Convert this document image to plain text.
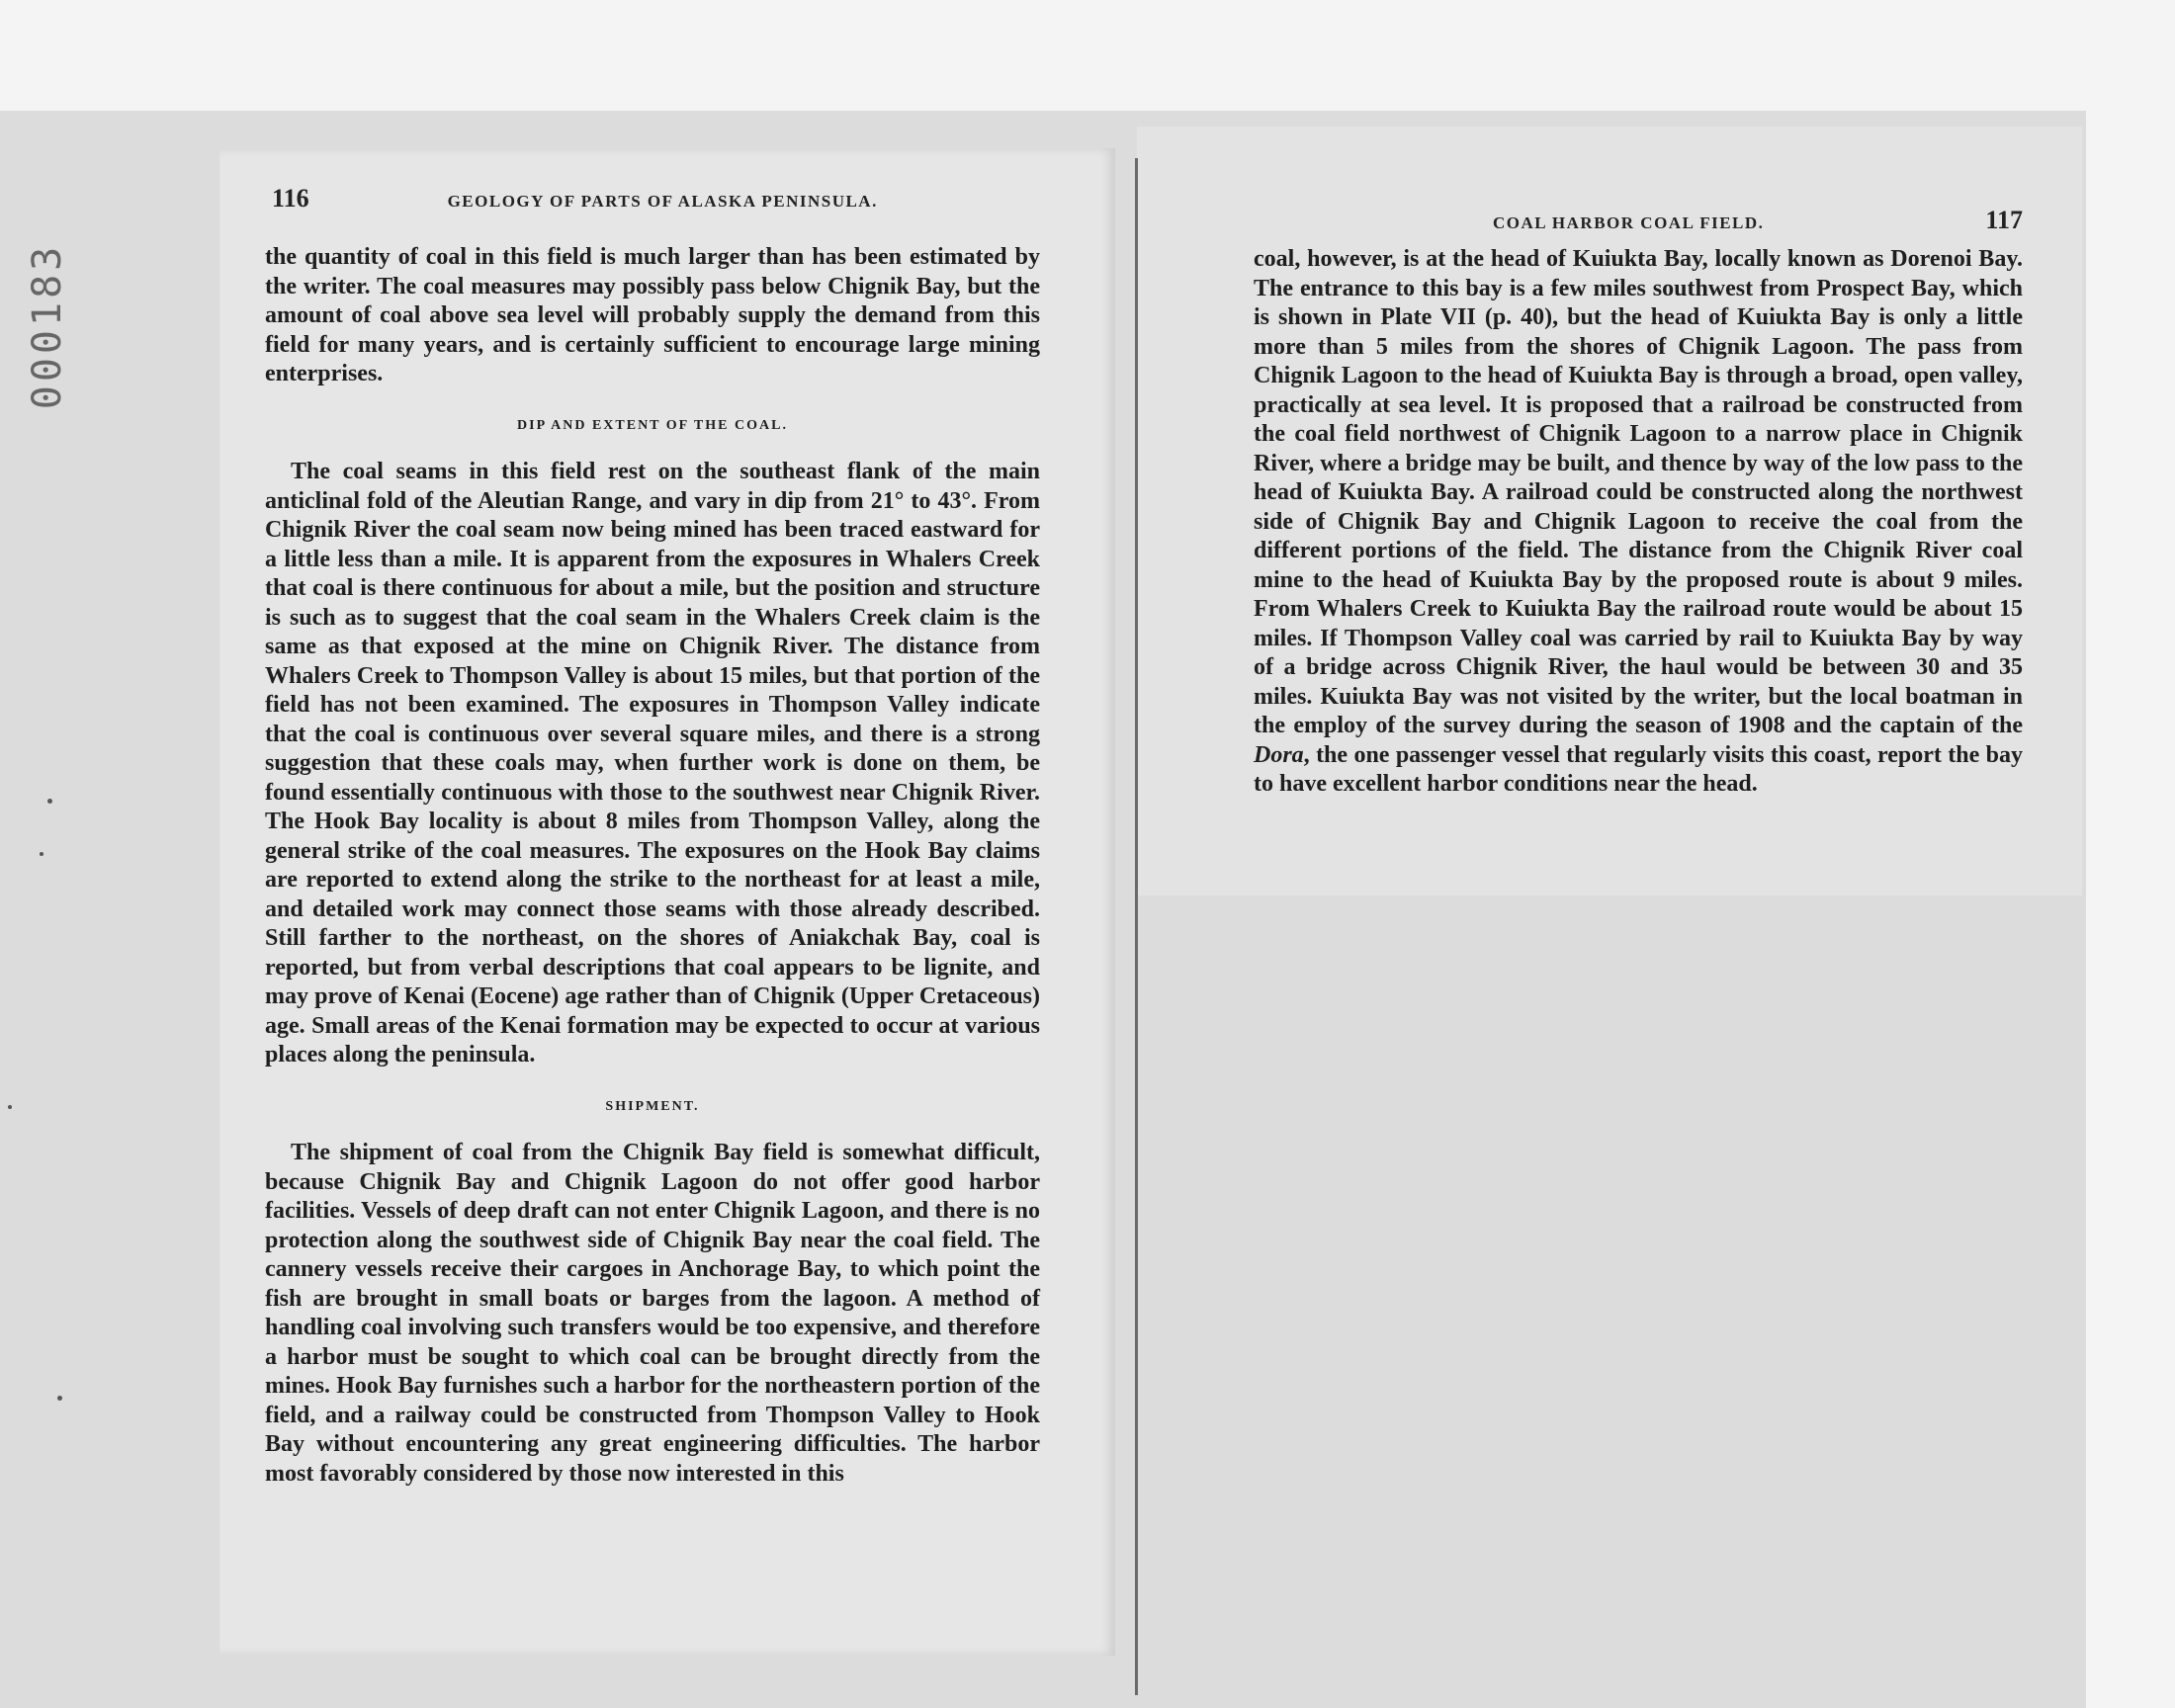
000183
116	GEOLOGY OF PARTS OF ALASKA PENINSULA.

the quantity of coal in this field is much larger than has been estimated by the writer. The coal measures may possibly pass below Chignik Bay, but the amount of coal above sea level will probably supply the demand from this field for many years, and is certainly sufficient to encourage large mining enterprises.

DIP AND EXTENT OF THE COAL.

The coal seams in this field rest on the southeast flank of the main anticlinal fold of the Aleutian Range, and vary in dip from 21° to 43°. From Chignik River the coal seam now being mined has been traced eastward for a little less than a mile. It is apparent from the exposures in Whalers Creek that coal is there continuous for about a mile, but the position and structure is such as to suggest that the coal seam in the Whalers Creek claim is the same as that exposed at the mine on Chignik River. The distance from Whalers Creek to Thompson Valley is about 15 miles, but that portion of the field has not been examined. The exposures in Thompson Valley indicate that the coal is continuous over several square miles, and there is a strong suggestion that these coals may, when further work is done on them, be found essentially continuous with those to the southwest near Chignik River. The Hook Bay locality is about 8 miles from Thompson Valley, along the general strike of the coal measures. The exposures on the Hook Bay claims are reported to extend along the strike to the northeast for at least a mile, and detailed work may connect those seams with those already described. Still farther to the northeast, on the shores of Aniakchak Bay, coal is reported, but from verbal descriptions that coal appears to be lignite, and may prove of Kenai (Eocene) age rather than of Chignik (Upper Cretaceous) age. Small areas of the Kenai formation may be expected to occur at various places along the peninsula.

SHIPMENT.

The shipment of coal from the Chignik Bay field is somewhat difficult, because Chignik Bay and Chignik Lagoon do not offer good harbor facilities. Vessels of deep draft can not enter Chignik Lagoon, and there is no protection along the southwest side of Chignik Bay near the coal field. The cannery vessels receive their cargoes in Anchorage Bay, to which point the fish are brought in small boats or barges from the lagoon. A method of handling coal involving such transfers would be too expensive, and therefore a harbor must be sought to which coal can be brought directly from the mines. Hook Bay furnishes such a harbor for the northeastern portion of the field, and a railway could be constructed from Thompson Valley to Hook Bay without encountering any great engineering difficulties. The harbor most favorably considered by those now interested in this

COAL HARBOR COAL FIELD.	117

coal, however, is at the head of Kuiukta Bay, locally known as Dorenoi Bay. The entrance to this bay is a few miles southwest from Prospect Bay, which is shown in Plate VII (p. 40), but the head of Kuiukta Bay is only a little more than 5 miles from the shores of Chignik Lagoon. The pass from Chignik Lagoon to the head of Kuiukta Bay is through a broad, open valley, practically at sea level. It is proposed that a railroad be constructed from the coal field northwest of Chignik Lagoon to a narrow place in Chignik River, where a bridge may be built, and thence by way of the low pass to the head of Kuiukta Bay. A railroad could be constructed along the northwest side of Chignik Bay and Chignik Lagoon to receive the coal from the different portions of the field. The distance from the Chignik River coal mine to the head of Kuiukta Bay by the proposed route is about 9 miles. From Whalers Creek to Kuiukta Bay the railroad route would be about 15 miles. If Thompson Valley coal was carried by rail to Kuiukta Bay by way of a bridge across Chignik River, the haul would be between 30 and 35 miles. Kuiukta Bay was not visited by the writer, but the local boatman in the employ of the survey during the season of 1908 and the captain of the Dora, the one passenger vessel that regularly visits this coast, report the bay to have excellent harbor conditions near the head.
